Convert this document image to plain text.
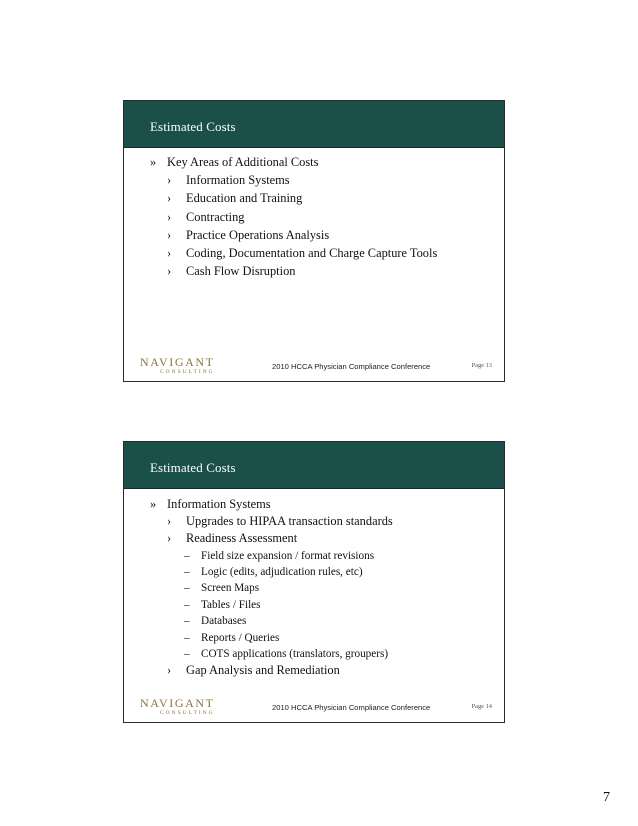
Estimated Costs
» Key Areas of Additional Costs
› Information Systems
› Education and Training
› Contracting
› Practice Operations Analysis
› Coding, Documentation and Charge Capture Tools
› Cash Flow Disruption
NAVIGANT
CONSULTING
2010 HCCA Physician Compliance Conference	Page 13
Estimated Costs
» Information Systems
› Upgrades to HIPAA transaction standards
› Readiness Assessment
– Field size expansion / format revisions
– Logic (edits, adjudication rules, etc)
– Screen Maps
– Tables / Files
– Databases
– Reports / Queries
– COTS applications (translators, groupers)
› Gap Analysis and Remediation
NAVIGANT
CONSULTING
2010 HCCA Physician Compliance Conference	Page 14
7
